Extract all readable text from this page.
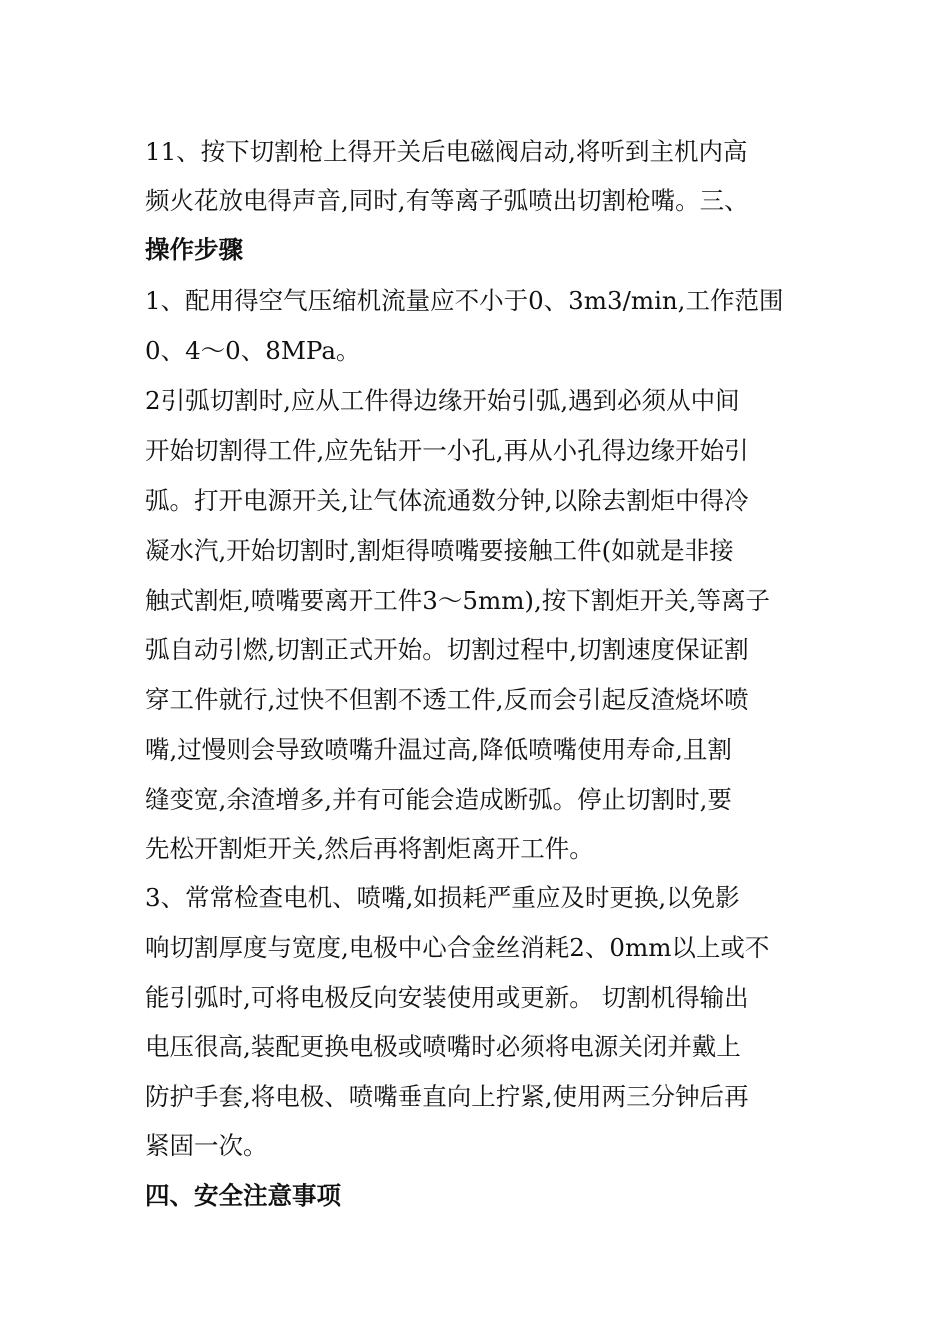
11、按下切割枪上得开关后电磁阀启动,将听到主机内高
频火花放电得声音,同时,有等离子弧喷出切割枪嘴。三、
操作步骤
1、配用得空气压缩机流量应不小于0、3m3/min,工作范围
0、4～0、8MPa。
2引弧切割时,应从工件得边缘开始引弧,遇到必须从中间
开始切割得工件,应先钻开一小孔,再从小孔得边缘开始引
弧。打开电源开关,让气体流通数分钟,以除去割炬中得冷
凝水汽,开始切割时,割炬得喷嘴要接触工件(如就是非接
触式割炬,喷嘴要离开工件3～5mm),按下割炬开关,等离子
弧自动引燃,切割正式开始。切割过程中,切割速度保证割
穿工件就行,过快不但割不透工件,反而会引起反渣烧坏喷
嘴,过慢则会导致喷嘴升温过高,降低喷嘴使用寿命,且割
缝变宽,余渣增多,并有可能会造成断弧。停止切割时,要
先松开割炬开关,然后再将割炬离开工件。
3、常常检查电机、喷嘴,如损耗严重应及时更换,以免影
响切割厚度与宽度,电极中心合金丝消耗2、0mm以上或不
能引弧时,可将电极反向安装使用或更新。 切割机得输出
电压很高,装配更换电极或喷嘴时必须将电源关闭并戴上
防护手套,将电极、喷嘴垂直向上拧紧,使用两三分钟后再
紧固一次。
四、安全注意事项
